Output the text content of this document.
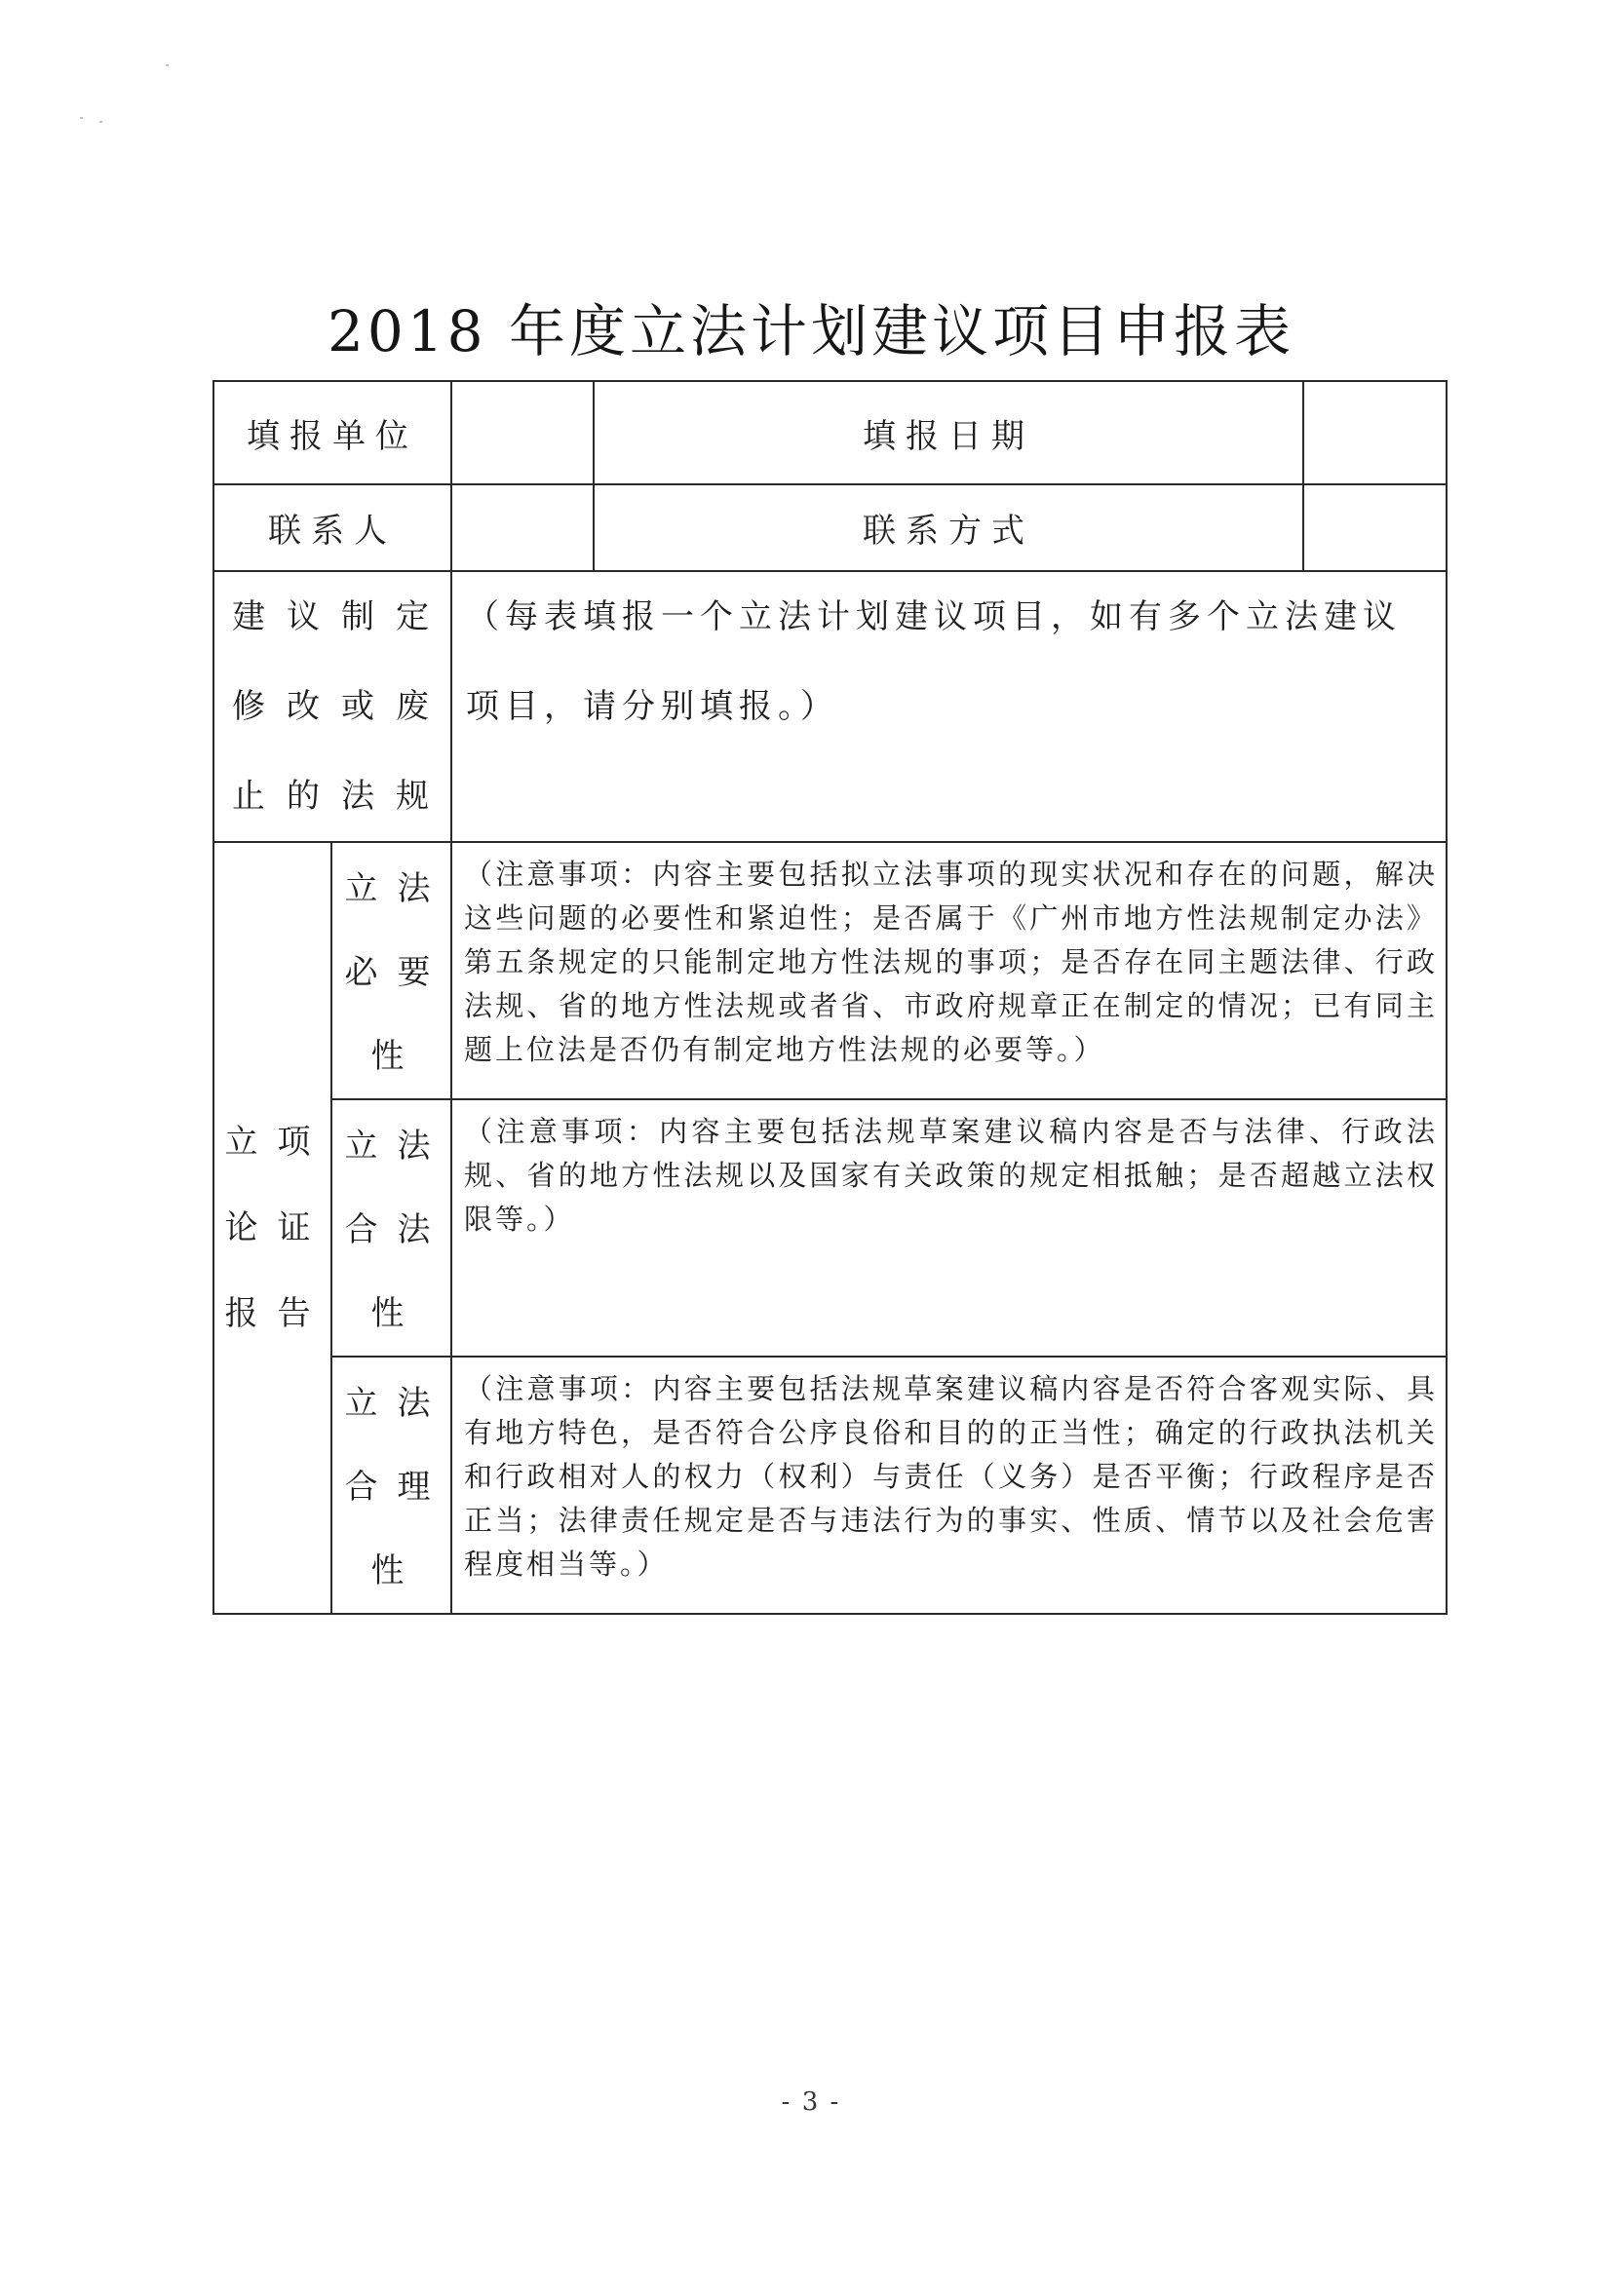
2018 年度立法计划建议项目申报表
填报单位			填报日期	
联系人			联系方式	
建议制定修改或废止的法规		（每表填报一个立法计划建议项目，如有多个立法建议项目，请分别填报。）		
立项论证报告	立法必要性	（注意事项：内容主要包括拟立法事项的现实状况和存在的问题，解决这些问题的必要性和紧迫性；是否属于《广州市地方性法规制定办法》第五条规定的只能制定地方性法规的事项；是否存在同主题法律、行政法规、省的地方性法规或者省、市政府规章正在制定的情况；已有同主题上位法是否仍有制定地方性法规的必要等。）		
	立法合法性	（注意事项：内容主要包括法规草案建议稿内容是否与法律、行政法规、省的地方性法规以及国家有关政策的规定相抵触；是否超越立法权限等。）		
	立法合理性	（注意事项：内容主要包括法规草案建议稿内容是否符合客观实际、具有地方特色，是否符合公序良俗和目的的正当性；确定的行政执法机关和行政相对人的权力（权利）与责任（义务）是否平衡；行政程序是否正当；法律责任规定是否与违法行为的事实、性质、情节以及社会危害程度相当等。）		
- 3 -
